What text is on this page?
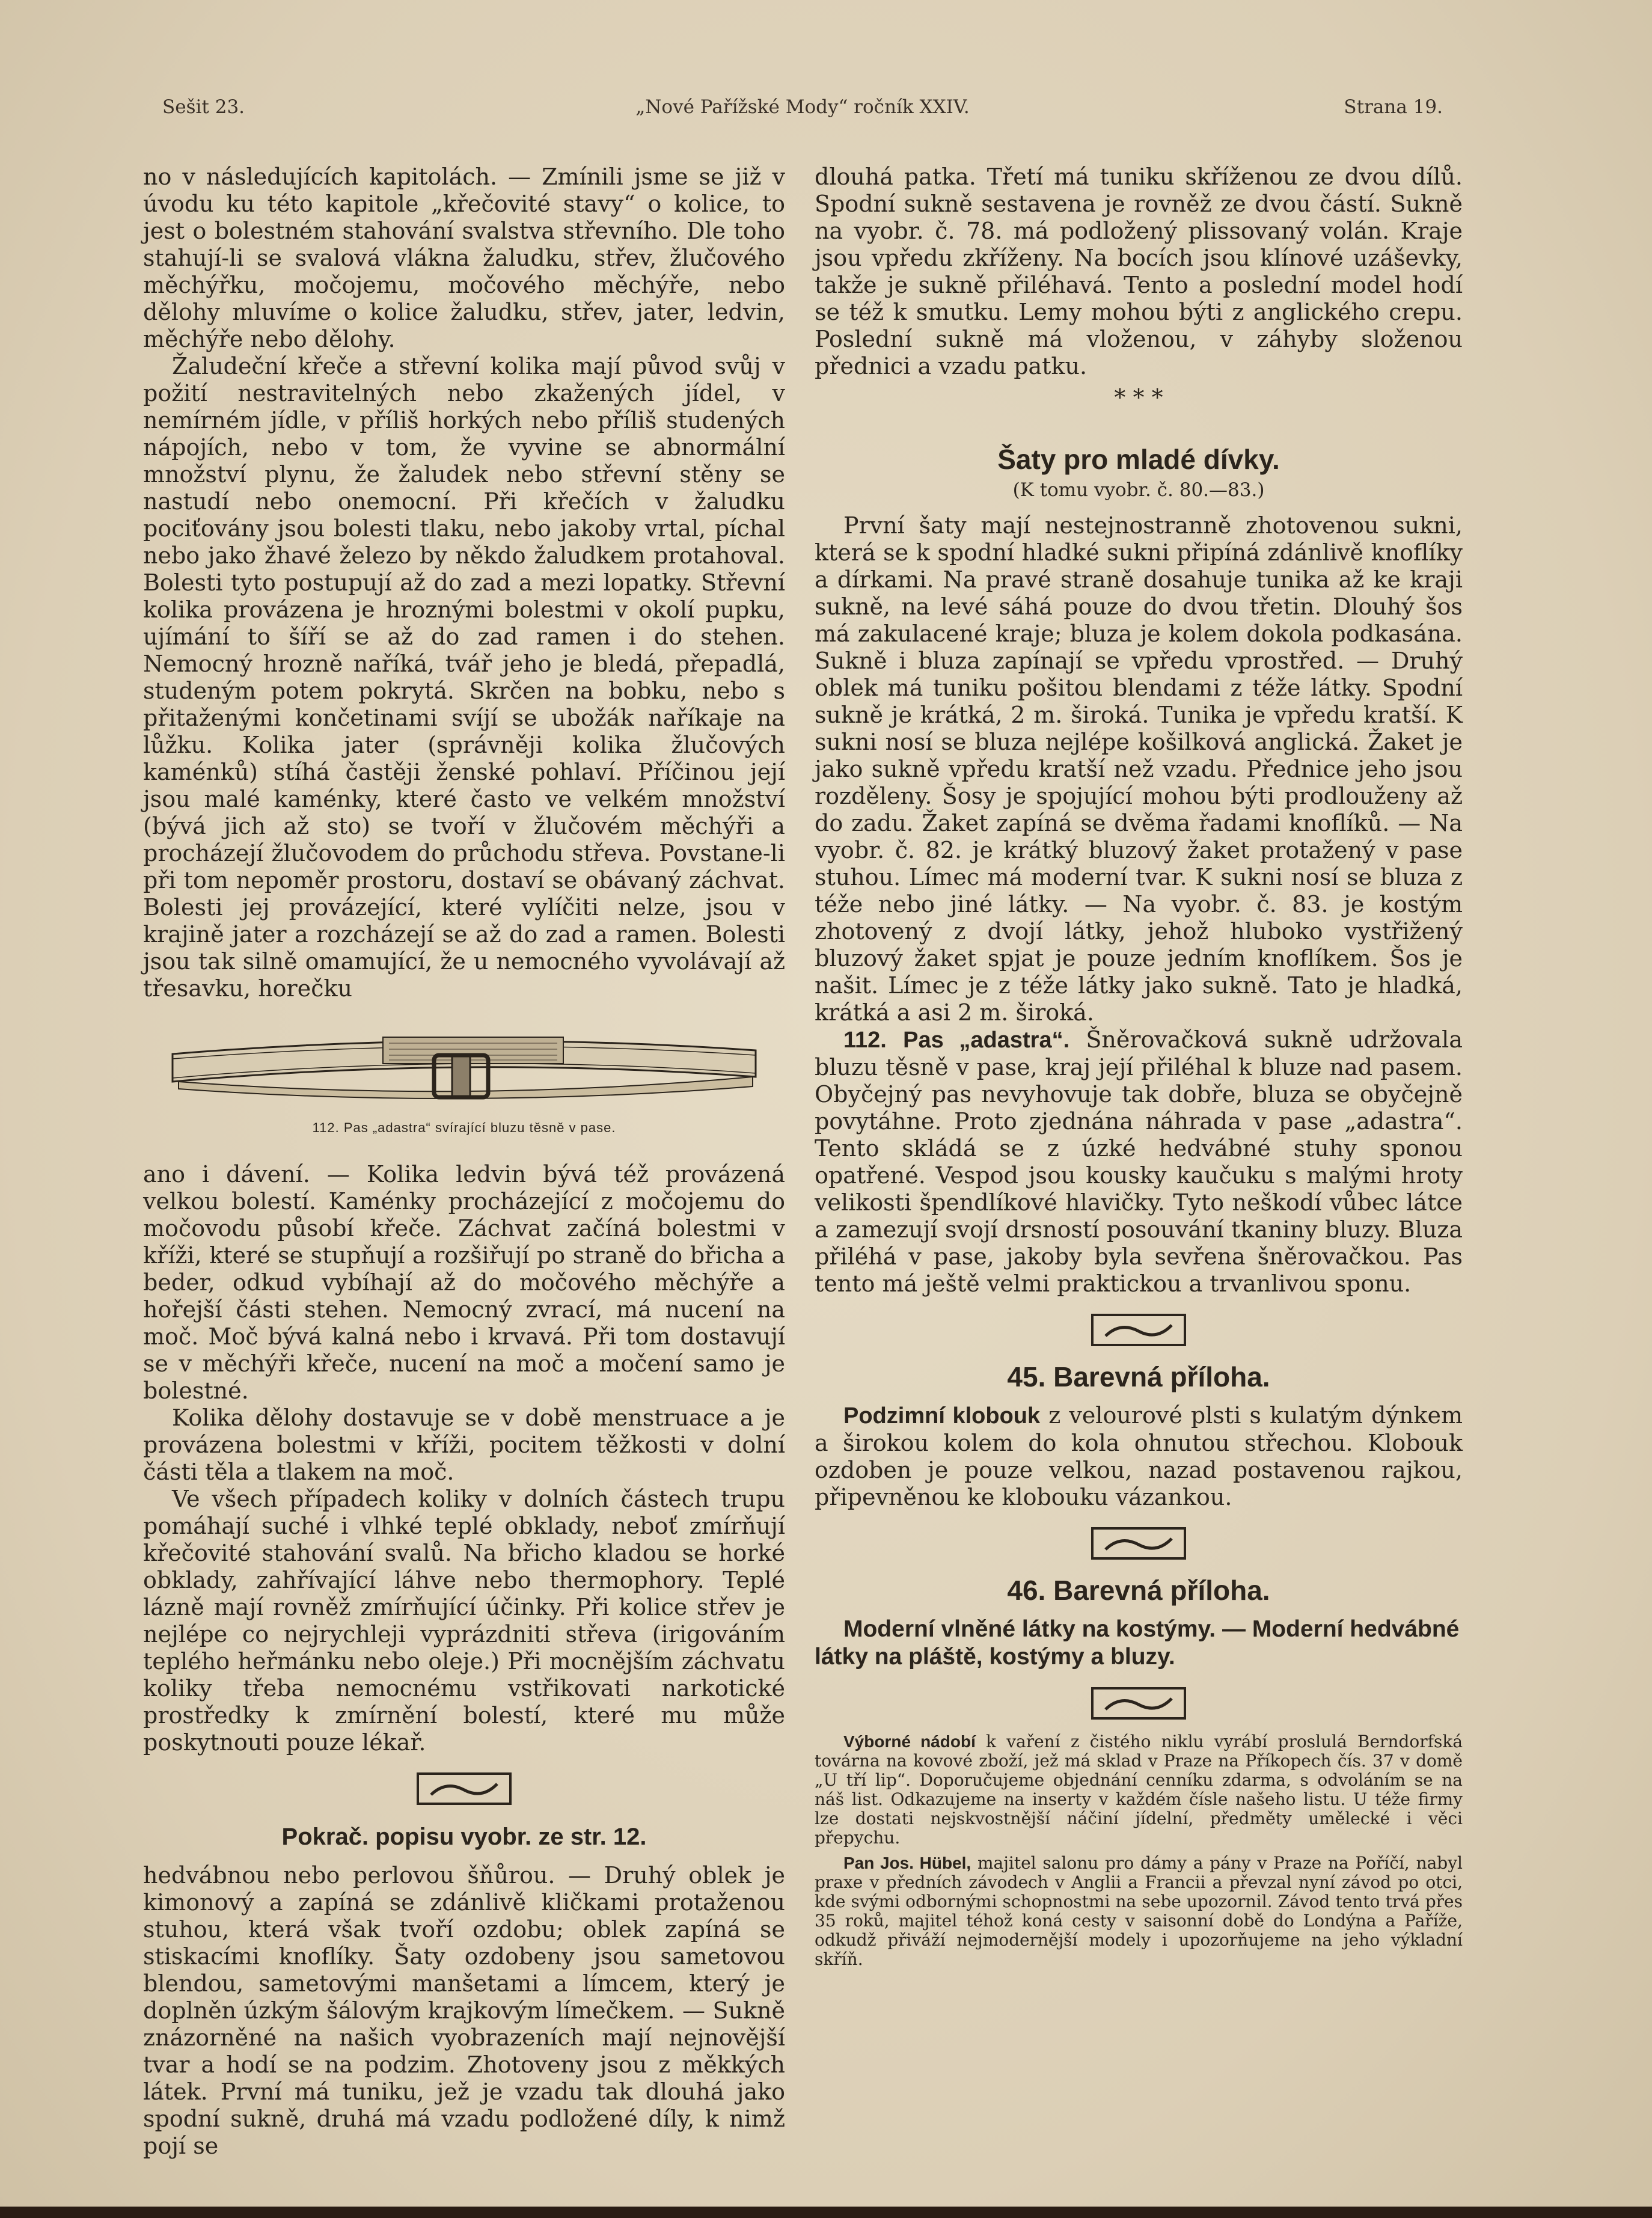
Sešit 23.	„Nové Pařížské Mody“ ročník XXIV.	Strana 19.

no v následujících kapitolách. — Zmínili jsme se již v úvodu ku této kapitole „křečovité stavy“ o kolice, to jest o bolestném stahování svalstva střevního. Dle toho stahují-li se svalová vlákna žaludku, střev, žlučového měchýřku, močojemu, močového měchýře, nebo dělohy mluvíme o kolice žaludku, střev, jater, ledvin, měchýře nebo dělohy.

Žaludeční křeče a střevní kolika mají původ svůj v požití nestravitelných nebo zkažených jídel, v nemírném jídle, v příliš horkých nebo příliš studených nápojích, nebo v tom, že vyvine se abnormální množství plynu, že žaludek nebo střevní stěny se nastudí nebo onemocní. Při křečích v žaludku pociťovány jsou bolesti tlaku, nebo jakoby vrtal, píchal nebo jako žhavé železo by někdo žaludkem protahoval. Bolesti tyto postupují až do zad a mezi lopatky. Střevní kolika provázena je hroznými bolestmi v okolí pupku, ujímání to šíří se až do zad ramen i do stehen. Nemocný hrozně naříká, tvář jeho je bledá, přepadlá, studeným potem pokrytá. Skrčen na bobku, nebo s přitaženými končetinami svíjí se ubožák naříkaje na lůžku. Kolika jater (správněji kolika žlučových kaménků) stíhá častěji ženské pohlaví. Příčinou její jsou malé kaménky, které často ve velkém množství (bývá jich až sto) se tvoří v žlučovém měchýři a procházejí žlučovodem do průchodu střeva. Povstane-li při tom nepoměr prostoru, dostaví se obávaný záchvat. Bolesti jej provázející, které vylíčiti nelze, jsou v krajině jater a rozcházejí se až do zad a ramen. Bolesti jsou tak silně omamující, že u nemocného vyvolávají až třesavku, horečku

112. Pas „adastra“ svírající bluzu těsně v pase.

ano i dávení. — Kolika ledvin bývá též provázená velkou bolestí. Kaménky procházející z močojemu do močovodu působí křeče. Záchvat začíná bolestmi v kříži, které se stupňují a rozšiřují po straně do břicha a beder, odkud vybíhají až do močového měchýře a hořejší části stehen. Nemocný zvrací, má nucení na moč. Moč bývá kalná nebo i krvavá. Při tom dostavují se v měchýři křeče, nucení na moč a močení samo je bolestné.

Kolika dělohy dostavuje se v době menstruace a je provázena bolestmi v kříži, pocitem těžkosti v dolní části těla a tlakem na moč.

Ve všech případech koliky v dolních částech trupu pomáhají suché i vlhké teplé obklady, neboť zmírňují křečovité stahování svalů. Na břicho kladou se horké obklady, zahřívající láhve nebo thermophory. Teplé lázně mají rovněž zmírňující účinky. Při kolice střev je nejlépe co nejrychleji vyprázdniti střeva (irigováním teplého heřmánku nebo oleje.) Při mocnějším záchvatu koliky třeba nemocnému vstřikovati narkotické prostředky k zmírnění bolestí, které mu může poskytnouti pouze lékař.

Pokrač. popisu vyobr. ze str. 12.

hedvábnou nebo perlovou šňůrou. — Druhý oblek je kimonový a zapíná se zdánlivě kličkami protaženou stuhou, která však tvoří ozdobu; oblek zapíná se stiskacími knoflíky. Šaty ozdobeny jsou sametovou blendou, sametovými manšetami a límcem, který je doplněn úzkým šálovým krajkovým límečkem. — Sukně znázorněné na našich vyobrazeních mají nejnovější tvar a hodí se na podzim. Zhotoveny jsou z měkkých látek. První má tuniku, jež je vzadu tak dlouhá jako spodní sukně, druhá má vzadu podložené díly, k nimž pojí se

dlouhá patka. Třetí má tuniku skříženou ze dvou dílů. Spodní sukně sestavena je rovněž ze dvou částí. Sukně na vyobr. č. 78. má podložený plissovaný volán. Kraje jsou vpředu zkříženy. Na bocích jsou klínové uzáševky, takže je sukně přiléhavá. Tento a poslední model hodí se též k smutku. Lemy mohou býti z anglického crepu. Poslední sukně má vloženou, v záhyby složenou přednici a vzadu patku.

* * *
Šaty pro mladé dívky.
(K tomu vyobr. č. 80.—83.)

První šaty mají nestejnostranně zhotovenou sukni, která se k spodní hladké sukni připíná zdánlivě knoflíky a dírkami. Na pravé straně dosahuje tunika až ke kraji sukně, na levé sáhá pouze do dvou třetin. Dlouhý šos má zakulacené kraje; bluza je kolem dokola podkasána. Sukně i bluza zapínají se vpředu vprostřed. — Druhý oblek má tuniku pošitou blendami z téže látky. Spodní sukně je krátká, 2 m. široká. Tunika je vpředu kratší. K sukni nosí se bluza nejlépe košilková anglická. Žaket je jako sukně vpředu kratší než vzadu. Přednice jeho jsou rozděleny. Šosy je spojující mohou býti prodlouženy až do zadu. Žaket zapíná se dvěma řadami knoflíků. — Na vyobr. č. 82. je krátký bluzový žaket protažený v pase stuhou. Límec má moderní tvar. K sukni nosí se bluza z téže nebo jiné látky. — Na vyobr. č. 83. je kostým zhotovený z dvojí látky, jehož hluboko vystřižený bluzový žaket spjat je pouze jedním knoflíkem. Šos je našit. Límec je z téže látky jako sukně. Tato je hladká, krátká a asi 2 m. široká.

112. Pas „adastra“. Šněrovačková sukně udržovala bluzu těsně v pase, kraj její přiléhal k bluze nad pasem. Obyčejný pas nevyhovuje tak dobře, bluza se obyčejně povytáhne. Proto zjednána náhrada v pase „adastra“. Tento skládá se z úzké hedvábné stuhy sponou opatřené. Vespod jsou kousky kaučuku s malými hroty velikosti špendlíkové hlavičky. Tyto neškodí vůbec látce a zamezují svojí drsností posouvání tkaniny bluzy. Bluza přiléhá v pase, jakoby byla sevřena šněrovačkou. Pas tento má ještě velmi praktickou a trvanlivou sponu.

45. Barevná příloha.

Podzimní klobouk z velourové plsti s kulatým dýnkem a širokou kolem do kola ohnutou střechou. Klobouk ozdoben je pouze velkou, nazad postavenou rajkou, připevněnou ke klobouku vázankou.

46. Barevná příloha.

Moderní vlněné látky na kostýmy. — Moderní hedvábné látky na pláště, kostýmy a bluzy.

Výborné nádobí k vaření z čistého niklu vyrábí proslulá Berndorfská továrna na kovové zboží, jež má sklad v Praze na Příkopech čís. 37 v domě „U tří lip“. Doporučujeme objednání cenníku zdarma, s odvoláním se na náš list. Odkazujeme na inserty v každém čísle našeho listu. U téže firmy lze dostati nejskvostnější náčiní jídelní, předměty umělecké i věci přepychu.

Pan Jos. Hübel, majitel salonu pro dámy a pány v Praze na Poříčí, nabyl praxe v předních závodech v Anglii a Francii a převzal nyní závod po otci, kde svými odbornými schopnostmi na sebe upozornil. Závod tento trvá přes 35 roků, majitel téhož koná cesty v saisonní době do Londýna a Paříže, odkudž přiváží nejmodernější modely i upozorňujeme na jeho výkladní skříň.
